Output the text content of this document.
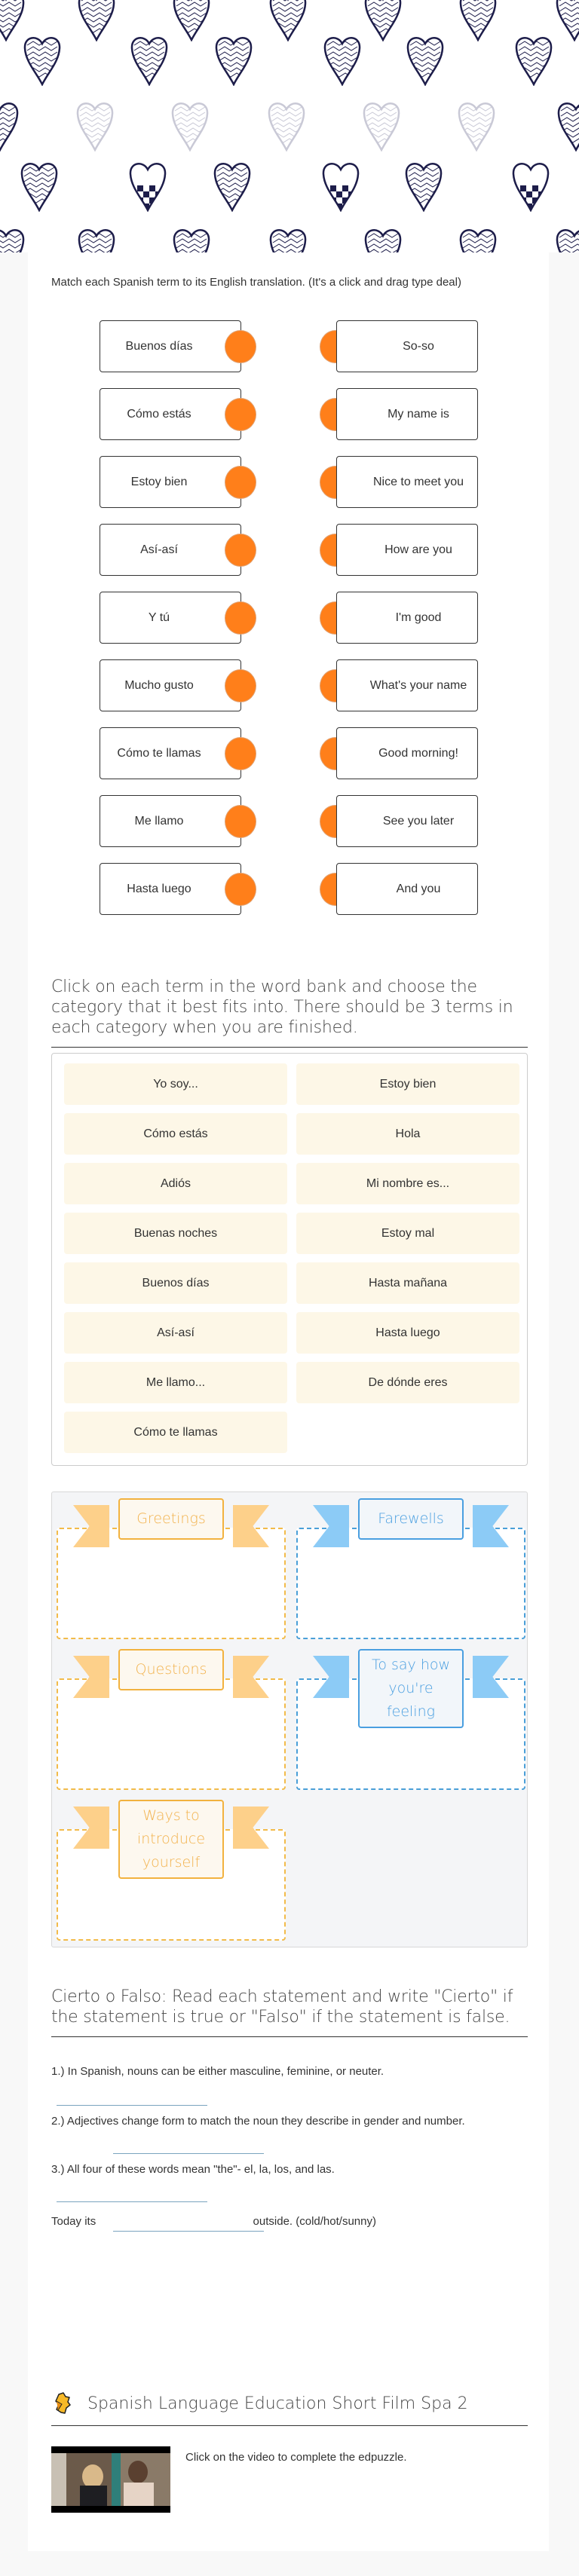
Match each Spanish term to its English translation. (It's a click and drag type deal)
Buenos días	So-so
Cómo estás	My name is
Estoy bien	Nice to meet you
Así-así	How are you
Y tú	I'm good
Mucho gusto	What's your name
Cómo te llamas	Good morning!
Me llamo	See you later
Hasta luego	And you
Click on each term in the word bank and choose the category that it best fits into. There should be 3 terms in each category when you are finished.
Yo soy...	Estoy bien
Cómo estás	Hola
Adiós	Mi nombre es...
Buenas noches	Estoy mal
Buenos días	Hasta mañana
Así-así	Hasta luego
Me llamo...	De dónde eres
Cómo te llamas
Greetings	Farewells
Questions	To say how you're feeling
Ways to introduce yourself
Cierto o Falso: Read each statement and write "Cierto" if the statement is true or "Falso" if the statement is false.
1.) In Spanish, nouns can be either masculine, feminine, or neuter.
2.) Adjectives change form to match the noun they describe in gender and number.
3.) All four of these words mean "the"- el, la, los, and las.
Today its	outside. (cold/hot/sunny)
Spanish Language Education Short Film Spa 2
Click on the video to complete the edpuzzle.
